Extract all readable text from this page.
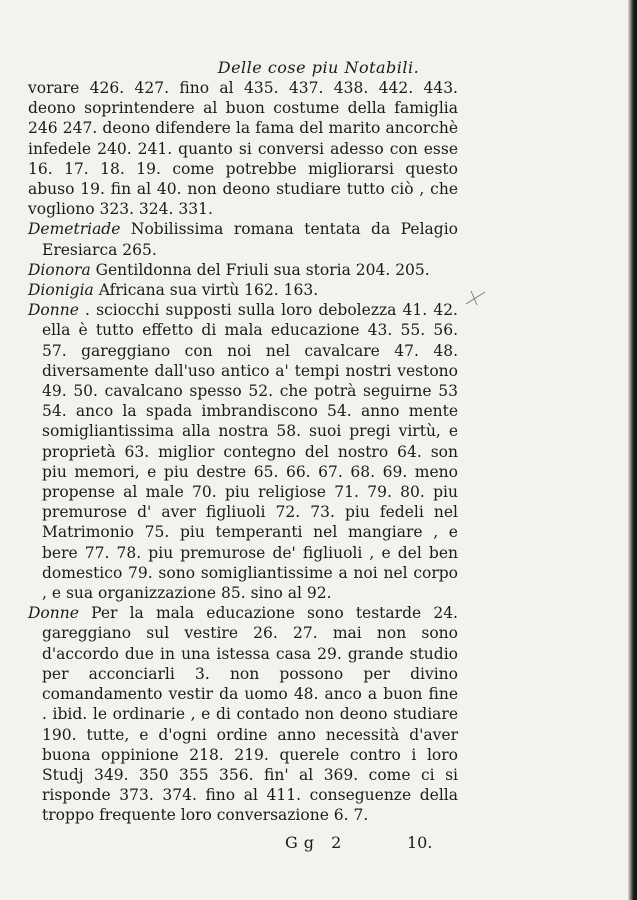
Delle cose piu Notabili.

vorare 426. 427. fino al 435. 437. 438. 442. 443. deono soprintendere al buon costume della famiglia 246 247. deono difendere la fama del marito ancorchè infedele 240. 241. quanto si conversi adesso con esse 16. 17. 18. 19. come potrebbe migliorarsi questo abuso 19. fin al 40. non deono studiare tutto ciò , che vogliono 323. 324. 331.

Demetriade Nobilissima romana tentata da Pelagio Eresiarca 265.

Dionora Gentildonna del Friuli sua storia 204. 205.

Dionigia Africana sua virtù 162. 163.

Donne . sciocchi supposti sulla loro debolezza 41. 42. ella è tutto effetto di mala educazione 43. 55. 56. 57. gareggiano con noi nel cavalcare 47. 48. diversamente dall'uso antico a' tempi nostri vestono 49. 50. cavalcano spesso 52. che potrà seguirne 53 54. anco la spada imbrandiscono 54. anno mente somigliantissima alla nostra 58. suoi pregi virtù, e proprietà 63. miglior contegno del nostro 64. son piu memori, e piu destre 65. 66. 67. 68. 69. meno propense al male 70. piu religiose 71. 79. 80. piu premurose d' aver figliuoli 72. 73. piu fedeli nel Matrimonio 75. piu temperanti nel mangiare , e bere 77. 78. piu premurose de' figliuoli , e del ben domestico 79. sono somigliantissime a noi nel corpo , e sua organizzazione 85. sino al 92.

Donne Per la mala educazione sono testarde 24. gareggiano sul vestire 26. 27. mai non sono d'accordo due in una istessa casa 29. grande studio per acconciarli 3. non possono per divino comandamento vestir da uomo 48. anco a buon fine . ibid. le ordinarie , e di contado non deono studiare 190. tutte, e d'ogni ordine anno necessità d'aver buona oppinione 218. 219. querele contro i loro Studj 349. 350 355 356. fin' al 369. come ci si risponde 373. 374. fino al 411. conseguenze della troppo frequente loro conversazione 6. 7.

Gg 2	10.
